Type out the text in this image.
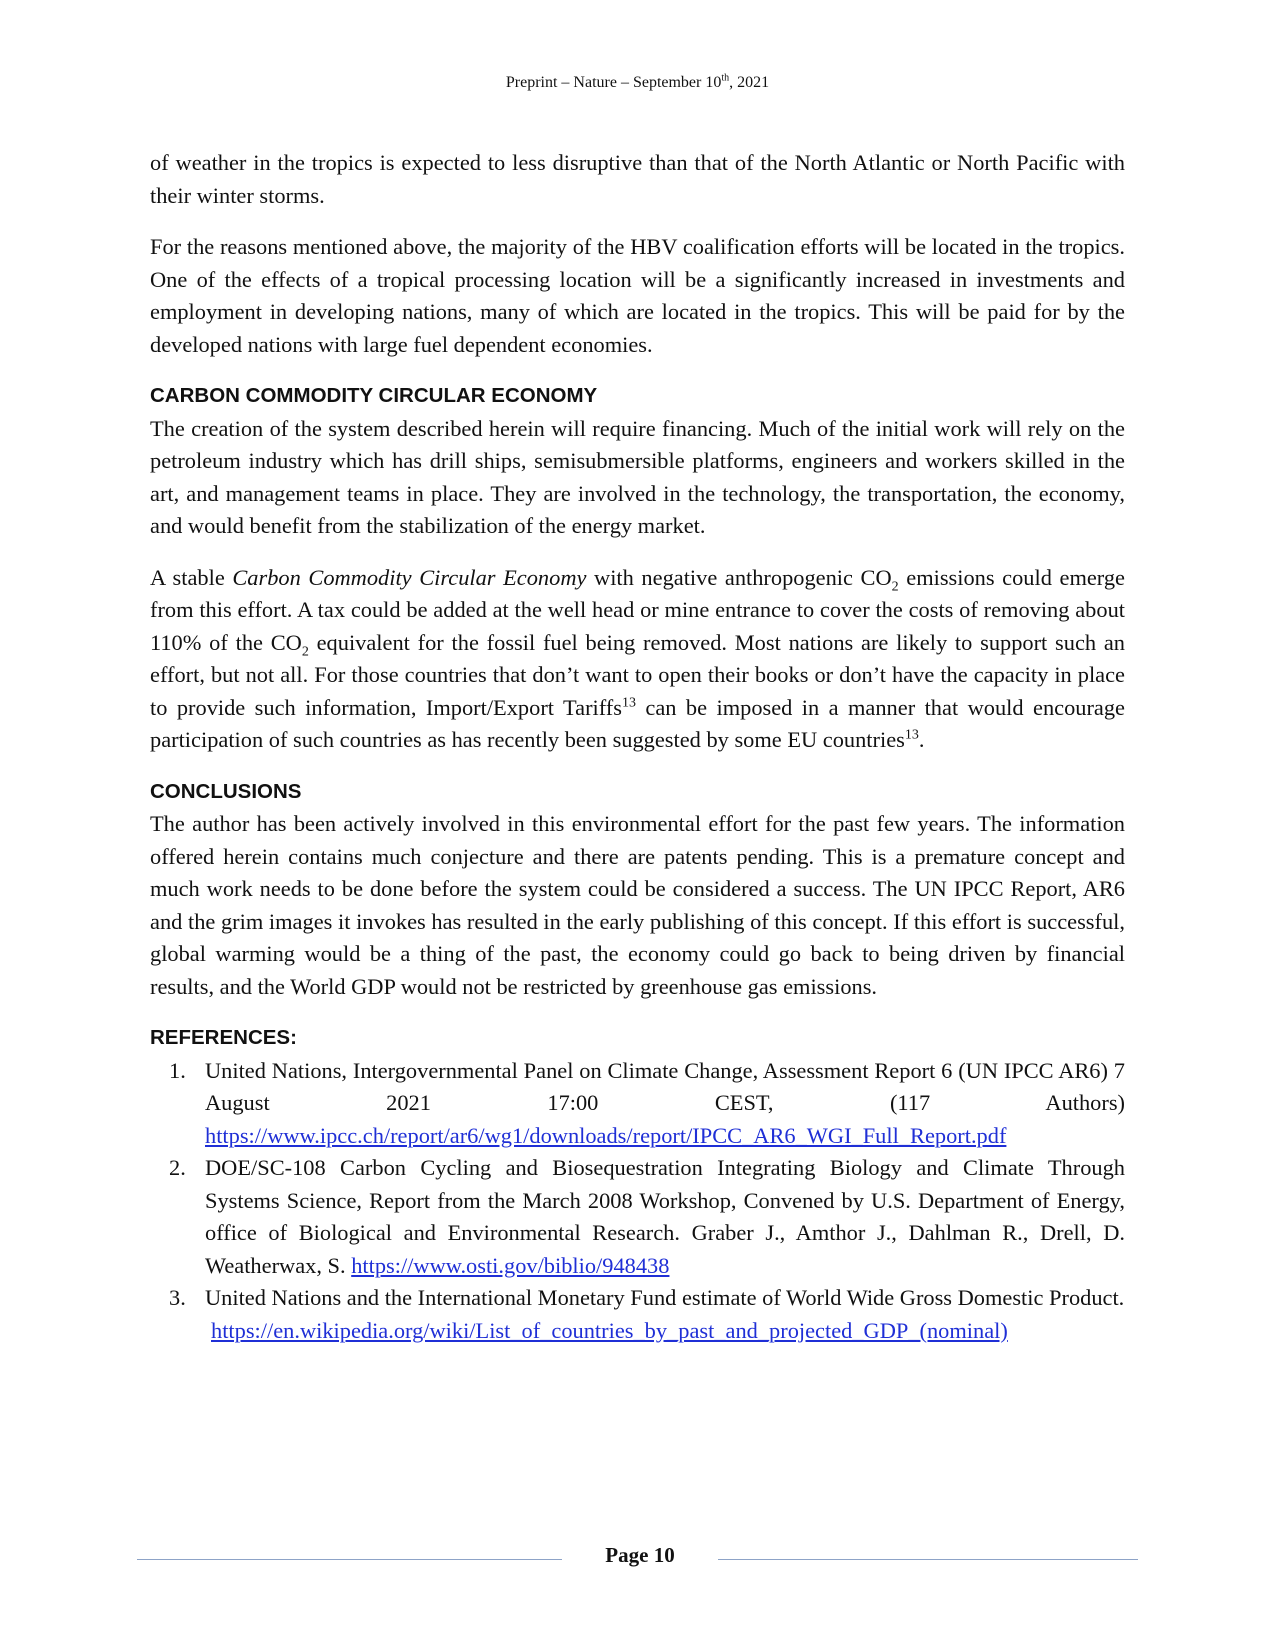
Preprint – Nature – September 10th, 2021

of weather in the tropics is expected to less disruptive than that of the North Atlantic or North Pacific with their winter storms.

For the reasons mentioned above, the majority of the HBV coalification efforts will be located in the tropics. One of the effects of a tropical processing location will be a significantly increased in investments and employment in developing nations, many of which are located in the tropics. This will be paid for by the developed nations with large fuel dependent economies.

CARBON COMMODITY CIRCULAR ECONOMY

The creation of the system described herein will require financing. Much of the initial work will rely on the petroleum industry which has drill ships, semisubmersible platforms, engineers and workers skilled in the art, and management teams in place. They are involved in the technology, the transportation, the economy, and would benefit from the stabilization of the energy market.

A stable Carbon Commodity Circular Economy with negative anthropogenic $CO_2$ emissions could emerge from this effort. A tax could be added at the well head or mine entrance to cover the costs of removing about 110% of the $CO_2$ equivalent for the fossil fuel being removed. Most nations are likely to support such an effort, but not all. For those countries that don’t want to open their books or don’t have the capacity in place to provide such information, Import/Export Tariffs$^{13}$ can be imposed in a manner that would encourage participation of such countries as has recently been suggested by some EU countries$^{13}$.

CONCLUSIONS

The author has been actively involved in this environmental effort for the past few years. The information offered herein contains much conjecture and there are patents pending. This is a premature concept and much work needs to be done before the system could be considered a success. The UN IPCC Report, AR6 and the grim images it invokes has resulted in the early publishing of this concept. If this effort is successful, global warming would be a thing of the past, the economy could go back to being driven by financial results, and the World GDP would not be restricted by greenhouse gas emissions.

REFERENCES:
1. United Nations, Intergovernmental Panel on Climate Change, Assessment Report 6 (UN IPCC AR6) 7 August 2021 17:00 CEST, (117 Authors) https://www.ipcc.ch/report/ar6/wg1/downloads/report/IPCC_AR6_WGI_Full_Report.pdf
2. DOE/SC-108 Carbon Cycling and Biosequestration Integrating Biology and Climate Through Systems Science, Report from the March 2008 Workshop, Convened by U.S. Department of Energy, office of Biological and Environmental Research. Graber J., Amthor J., Dahlman R., Drell, D. Weatherwax, S. https://www.osti.gov/biblio/948438
3. United Nations and the International Monetary Fund estimate of World Wide Gross Domestic Product.
https://en.wikipedia.org/wiki/List_of_countries_by_past_and_projected_GDP_(nominal)
Page 10
